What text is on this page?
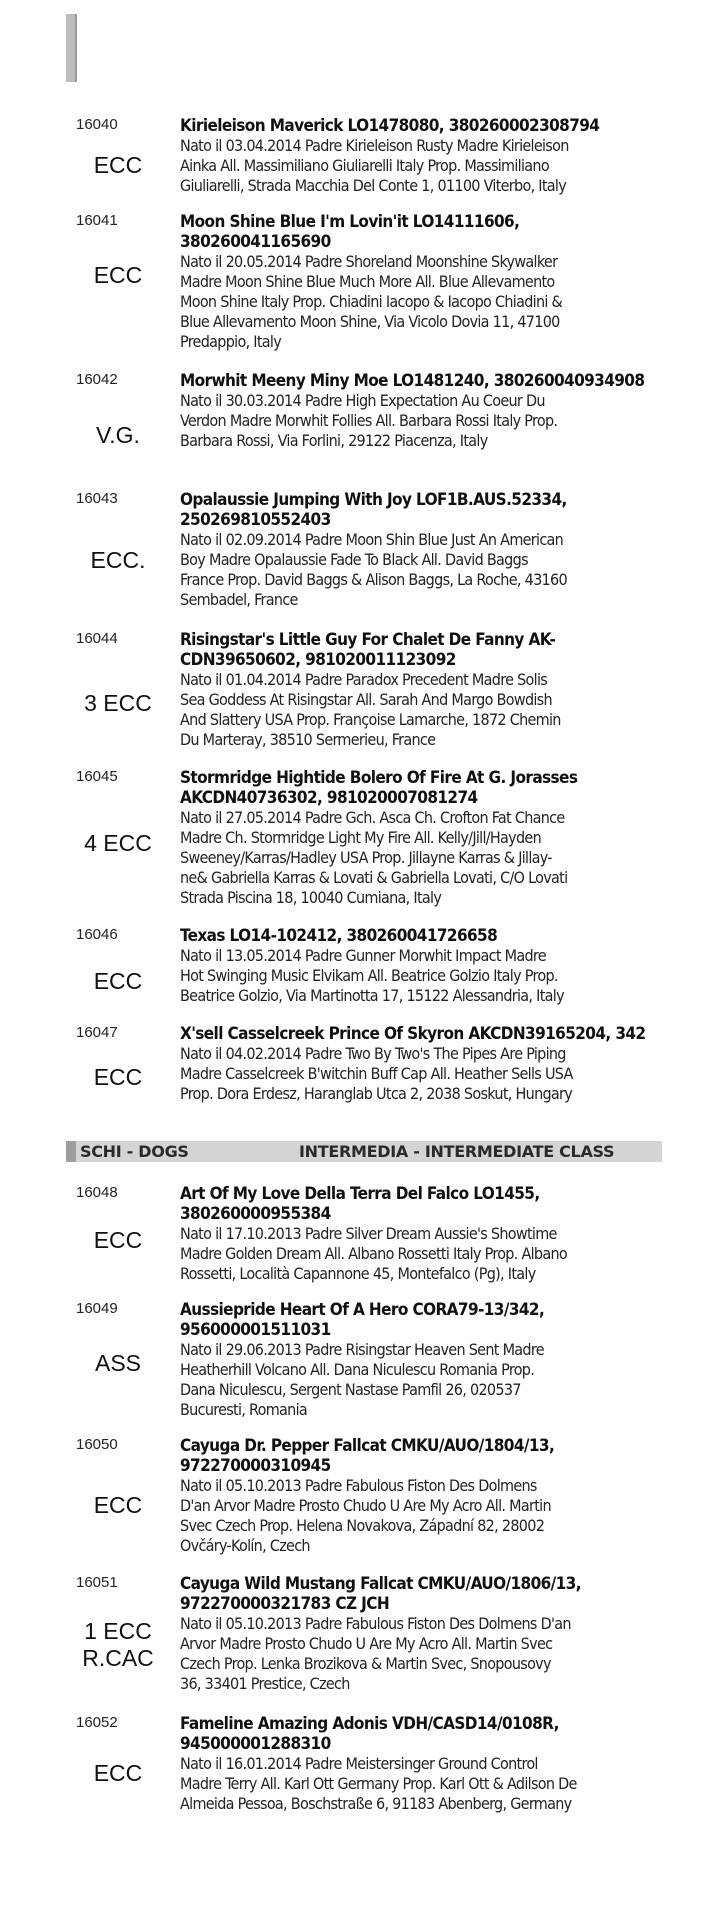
16040
ECC
Kirieleison Maverick LO1478080, 380260002308794
Nato il 03.04.2014 Padre Kirieleison Rusty Madre Kirieleison
Ainka All. Massimiliano Giuliarelli Italy Prop. Massimiliano
Giuliarelli, Strada Macchia Del Conte 1, 01100 Viterbo, Italy
16041
ECC
Moon Shine Blue I'm Lovin'it LO14111606, 380260041165690
Nato il 20.05.2014 Padre Shoreland Moonshine Skywalker
Madre Moon Shine Blue Much More All. Blue Allevamento
Moon Shine Italy Prop. Chiadini Iacopo & Iacopo Chiadini &
Blue Allevamento Moon Shine, Via Vicolo Dovia 11, 47100
Predappio, Italy
16042
V.G.
Morwhit Meeny Miny Moe LO1481240, 380260040934908
Nato il 30.03.2014 Padre High Expectation Au Coeur Du
Verdon Madre Morwhit Follies All. Barbara Rossi Italy Prop.
Barbara Rossi, Via Forlini, 29122 Piacenza, Italy
16043
ECC.
Opalaussie Jumping With Joy LOF1B.AUS.52334, 250269810552403
Nato il 02.09.2014 Padre Moon Shin Blue Just An American
Boy Madre Opalaussie Fade To Black All. David Baggs
France Prop. David Baggs & Alison Baggs, La Roche, 43160
Sembadel, France
16044
3 ECC
Risingstar's Little Guy For Chalet De Fanny AK-CDN39650602, 981020011123092
Nato il 01.04.2014 Padre Paradox Precedent Madre Solis
Sea Goddess At Risingstar All. Sarah And Margo Bowdish
And Slattery USA Prop. Françoise Lamarche, 1872 Chemin
Du Marteray, 38510 Sermerieu, France
16045
4 ECC
Stormridge Hightide Bolero Of Fire At G. Jorasses AKCDN40736302, 981020007081274
Nato il 27.05.2014 Padre Gch. Asca Ch. Crofton Fat Chance
Madre Ch. Stormridge Light My Fire All. Kelly/Jill/Hayden
Sweeney/Karras/Hadley USA Prop. Jillayne Karras & Jillay-
ne& Gabriella Karras & Lovati & Gabriella Lovati, C/O Lovati
Strada Piscina 18, 10040 Cumiana, Italy
16046
ECC
Texas LO14-102412, 380260041726658
Nato il 13.05.2014 Padre Gunner Morwhit Impact Madre
Hot Swinging Music Elvikam All. Beatrice Golzio Italy Prop.
Beatrice Golzio, Via Martinotta 17, 15122 Alessandria, Italy
16047
ECC
X'sell Casselcreek Prince Of Skyron AKCDN39165204, 342
Nato il 04.02.2014 Padre Two By Two's The Pipes Are Piping
Madre Casselcreek B'witchin Buff Cap All. Heather Sells USA
Prop. Dora Erdesz, Haranglab Utca 2, 2038 Soskut, Hungary
SCHI - DOGS	INTERMEDIA - INTERMEDIATE CLASS
16048
ECC
Art Of My Love Della Terra Del Falco LO1455, 380260000955384
Nato il 17.10.2013 Padre Silver Dream Aussie's Showtime
Madre Golden Dream All. Albano Rossetti Italy Prop. Albano
Rossetti, Località Capannone 45, Montefalco (Pg), Italy
16049
ASS
Aussiepride Heart Of A Hero CORA79-13/342, 956000001511031
Nato il 29.06.2013 Padre Risingstar Heaven Sent Madre
Heatherhill Volcano All. Dana Niculescu Romania Prop.
Dana Niculescu, Sergent Nastase Pamfil 26, 020537
Bucuresti, Romania
16050
ECC
Cayuga Dr. Pepper Fallcat CMKU/AUO/1804/13, 972270000310945
Nato il 05.10.2013 Padre Fabulous Fiston Des Dolmens
D'an Arvor Madre Prosto Chudo U Are My Acro All. Martin
Svec Czech Prop. Helena Novakova, Západní 82, 28002
Ovčáry-Kolín, Czech
16051
1 ECC
R.CAC
Cayuga Wild Mustang Fallcat CMKU/AUO/1806/13, 972270000321783 CZ JCH
Nato il 05.10.2013 Padre Fabulous Fiston Des Dolmens D'an
Arvor Madre Prosto Chudo U Are My Acro All. Martin Svec
Czech Prop. Lenka Brozikova & Martin Svec, Snopousovy
36, 33401 Prestice, Czech
16052
ECC
Fameline Amazing Adonis VDH/CASD14/0108R, 945000001288310
Nato il 16.01.2014 Padre Meistersinger Ground Control
Madre Terry All. Karl Ott Germany Prop. Karl Ott & Adilson De
Almeida Pessoa, Boschstraße 6, 91183 Abenberg, Germany
